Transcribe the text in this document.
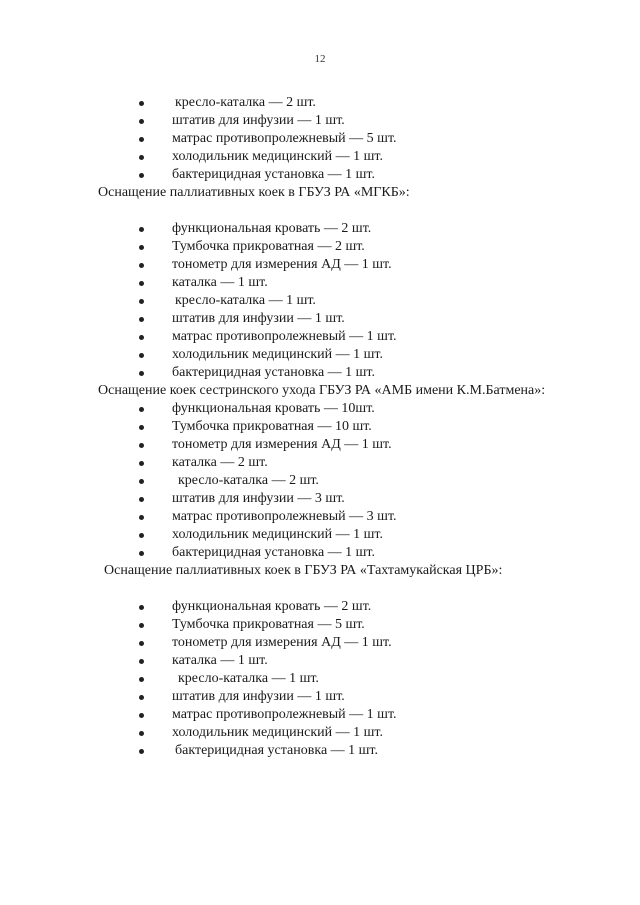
12
кресло-каталка — 2 шт.
штатив для инфузии — 1 шт.
матрас противопролежневый — 5 шт.
холодильник медицинский — 1 шт.
бактерицидная установка — 1 шт.

Оснащение паллиативных коек в ГБУЗ РА «МГКБ»:

функциональная кровать — 2 шт.
Тумбочка прикроватная — 2 шт.
тонометр для измерения АД — 1 шт.
каталка — 1 шт.
кресло-каталка — 1 шт.
штатив для инфузии — 1 шт.
матрас противопролежневый — 1 шт.
холодильник медицинский — 1 шт.
бактерицидная установка — 1 шт.

Оснащение коек сестринского ухода ГБУЗ РА «АМБ имени К.М.Батмена»:

функциональная кровать — 10шт.
Тумбочка прикроватная — 10 шт.
тонометр для измерения АД — 1 шт.
каталка — 2 шт.
кресло-каталка — 2 шт.
штатив для инфузии — 3 шт.
матрас противопролежневый — 3 шт.
холодильник медицинский — 1 шт.
бактерицидная установка — 1 шт.

Оснащение паллиативных коек в ГБУЗ РА «Тахтамукайская ЦРБ»:

функциональная кровать — 2 шт.
Тумбочка прикроватная — 5 шт.
тонометр для измерения АД — 1 шт.
каталка — 1 шт.
кресло-каталка — 1 шт.
штатив для инфузии — 1 шт.
матрас противопролежневый — 1 шт.
холодильник медицинский — 1 шт.
бактерицидная установка — 1 шт.
